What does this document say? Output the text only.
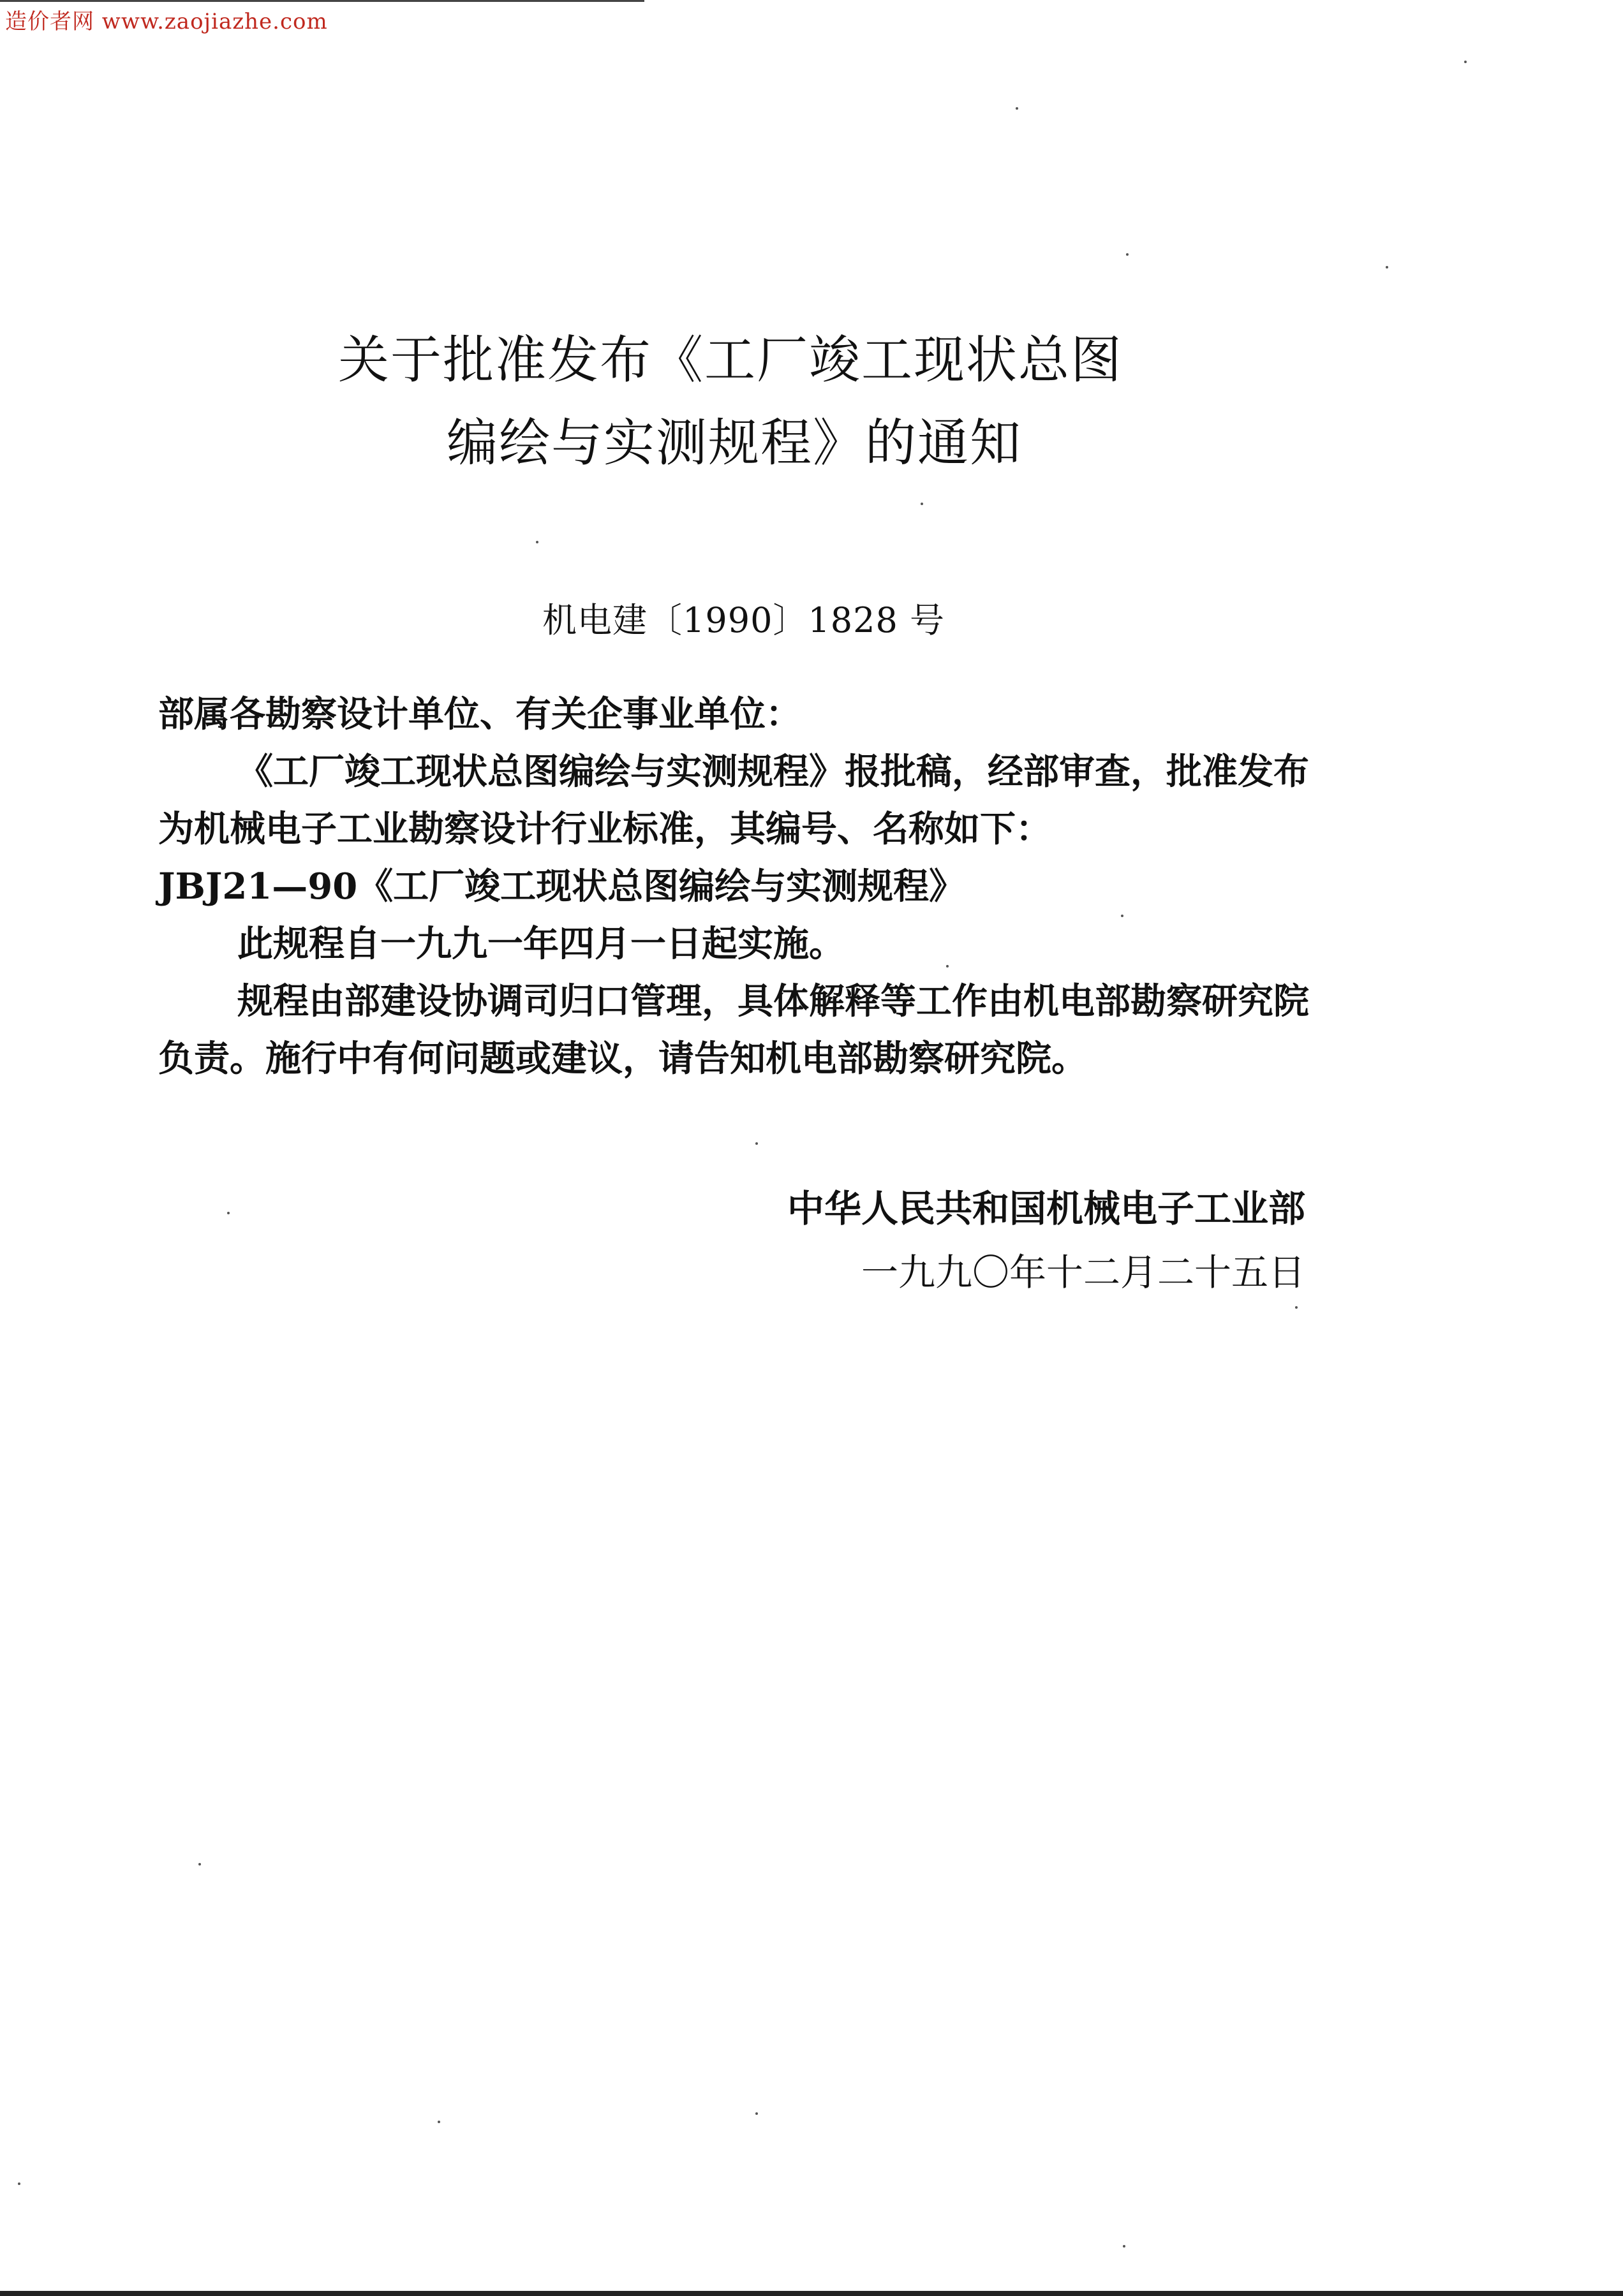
造价者网 www.zaojiazhe.com
关于批准发布《工厂竣工现状总图
编绘与实测规程》的通知
机电建〔1990〕1828 号

部属各勘察设计单位、有关企事业单位：

《工厂竣工现状总图编绘与实测规程》报批稿，经部审查，批准发布为机械电子工业勘察设计行业标准，其编号、名称如下：

JBJ21—90《工厂竣工现状总图编绘与实测规程》

此规程自一九九一年四月一日起实施。

规程由部建设协调司归口管理，具体解释等工作由机电部勘察研究院负责。施行中有何问题或建议，请告知机电部勘察研究院。

中华人民共和国机械电子工业部
一九九〇年十二月二十五日
